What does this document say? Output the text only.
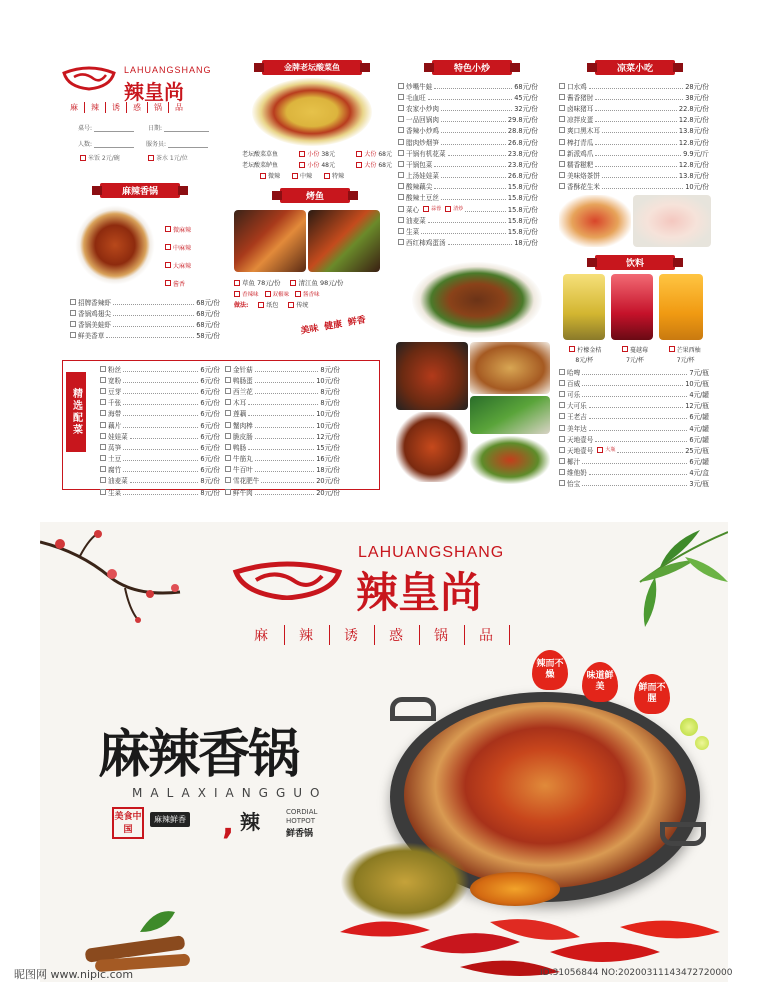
LAHUANGSHANG
辣皇尚
麻	辣	诱	惑	锅	品
桌号:	日期:
人数:	服务员:
米饭 2元/碗	茶水 1元/位
麻辣香锅
微麻辣
中麻辣
大麻辣
酱香
招牌香辣虾	68元/份
香锅鸡翅尖	68元/份
香锅美蛙虾	68元/份
鲜美香草	58元/份
精选配菜
粉丝	6元/份
宽粉	6元/份
豆芽	6元/份
千张	6元/份
海带	6元/份
藕片	6元/份
娃娃菜	6元/份
莴笋	6元/份
土豆	6元/份
腐竹	6元/份
油麦菜	8元/份
生菜	8元/份
金针菇	8元/份
鸭肠蛋	10元/份
西兰花	8元/份
木耳	8元/份
莲藕	10元/份
蟹肉棒	10元/份
脆皮肠	12元/份
鸭肠	15元/份
牛筋丸	16元/份
牛百叶	18元/份
雪花肥牛	20元/份
鲜牛肉	20元/份
金牌老坛酸菜鱼
老坛酸菜草鱼	小份 38元	大份 68元
老坛酸菜鲈鱼	小份 48元	大份 68元
微辣	中辣	特辣
烤鱼
草鱼 78元/份	清江鱼 98元/份
香辣味	双椒味	酱香味
做法:	纸包	传统
美味 健康 鲜香
特色小炒
炒嘴牛蛙	68元/份
毛血旺	45元/份
农家小炒肉	32元/份
一品回锅肉	29.8元/份
香辣小炒鸡	28.8元/份
腊肉炒烟笋	26.8元/份
干锅有机花菜	23.8元/份
干锅包菜	23.8元/份
上汤娃娃菜	26.8元/份
酸辣藕尖	15.8元/份
酸辣土豆丝	15.8元/份
菜心 蒜蓉 清炒	15.8元/份
油麦菜	15.8元/份
生菜	15.8元/份
西红柿鸡蛋汤	18元/份
凉菜小吃
口水鸡	28元/份
酱香猪肘	38元/份
卤味猪耳	22.8元/份
凉拌皮蛋	12.8元/份
爽口黑木耳	13.8元/份
棒打青瓜	12.8元/份
新派鸡爪	9.9元/斤
糯香糍粑	12.8元/份
美味烙茶饼	13.8元/份
香酥花生米	10元/份
饮料
柠檬金桔	蔓越莓	芒果西柚
8元/杯	7元/杯	7元/杯
哈啤	7元/瓶
百威	10元/瓶
可乐	4元/罐
大可乐	12元/瓶
王老吉	6元/罐
美年达	4元/罐
天地壹号	6元/罐
天地壹号 大瓶	25元/瓶
椰汁	6元/罐
维他奶	4元/盒
怡宝	3元/瓶
LAHUANGSHANG
辣皇尚
麻	辣	诱	惑	锅	品
麻辣香锅
MALAXIANGGUO
美食中国
麻辣鲜香 , 辣	CORDIAL HOTPOT
鲜香锅
辣而不燥	味道鲜美	鲜而不腥
昵图网 www.nipic.com	ID:31056844 NO:20200311143472720000
